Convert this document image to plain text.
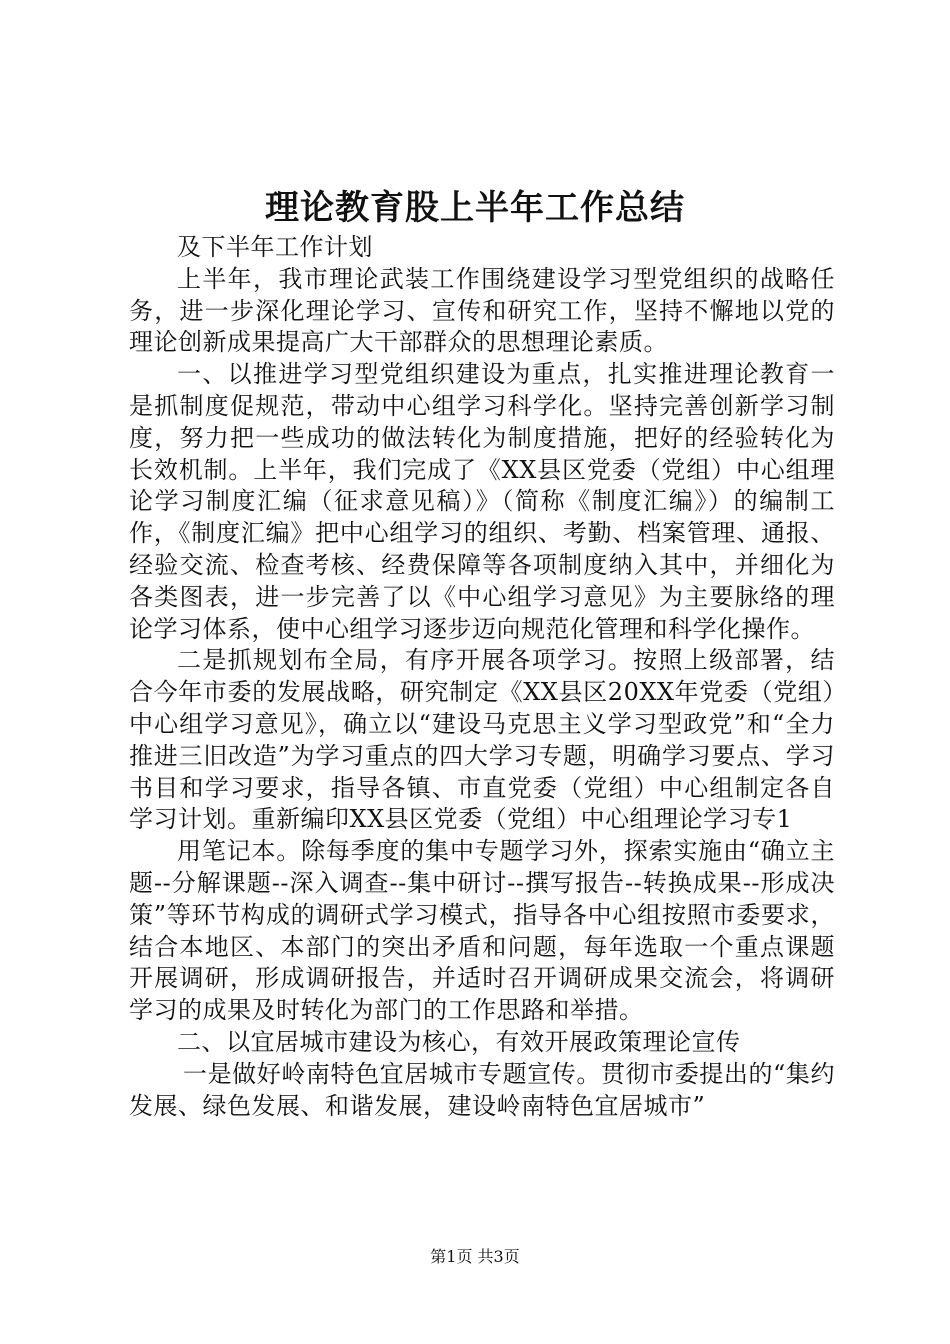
理论教育股上半年工作总结

及下半年工作计划

上半年，我市理论武装工作围绕建设学习型党组织的战略任务，进一步深化理论学习、宣传和研究工作，坚持不懈地以党的理论创新成果提高广大干部群众的思想理论素质。

一、以推进学习型党组织建设为重点，扎实推进理论教育一是抓制度促规范，带动中心组学习科学化。坚持完善创新学习制度，努力把一些成功的做法转化为制度措施，把好的经验转化为长效机制。上半年，我们完成了《XX县区党委（党组）中心组理论学习制度汇编（征求意见稿）》（简称《制度汇编》）的编制工作，《制度汇编》把中心组学习的组织、考勤、档案管理、通报、经验交流、检查考核、经费保障等各项制度纳入其中，并细化为各类图表，进一步完善了以《中心组学习意见》为主要脉络的理论学习体系，使中心组学习逐步迈向规范化管理和科学化操作。

二是抓规划布全局，有序开展各项学习。按照上级部署，结合今年市委的发展战略，研究制定《XX县区20XX年党委（党组）中心组学习意见》，确立以“建设马克思主义学习型政党”和“全力推进三旧改造”为学习重点的四大学习专题，明确学习要点、学习书目和学习要求，指导各镇、市直党委（党组）中心组制定各自学习计划。重新编印XX县区党委（党组）中心组理论学习专1

用笔记本。除每季度的集中专题学习外，探索实施由“确立主题--分解课题--深入调查--集中研讨--撰写报告--转换成果--形成决策”等环节构成的调研式学习模式，指导各中心组按照市委要求，结合本地区、本部门的突出矛盾和问题，每年选取一个重点课题开展调研，形成调研报告，并适时召开调研成果交流会，将调研学习的成果及时转化为部门的工作思路和举措。

二、以宜居城市建设为核心，有效开展政策理论宣传

一是做好岭南特色宜居城市专题宣传。贯彻市委提出的“集约发展、绿色发展、和谐发展，建设岭南特色宜居城市”

第1页 共3页
